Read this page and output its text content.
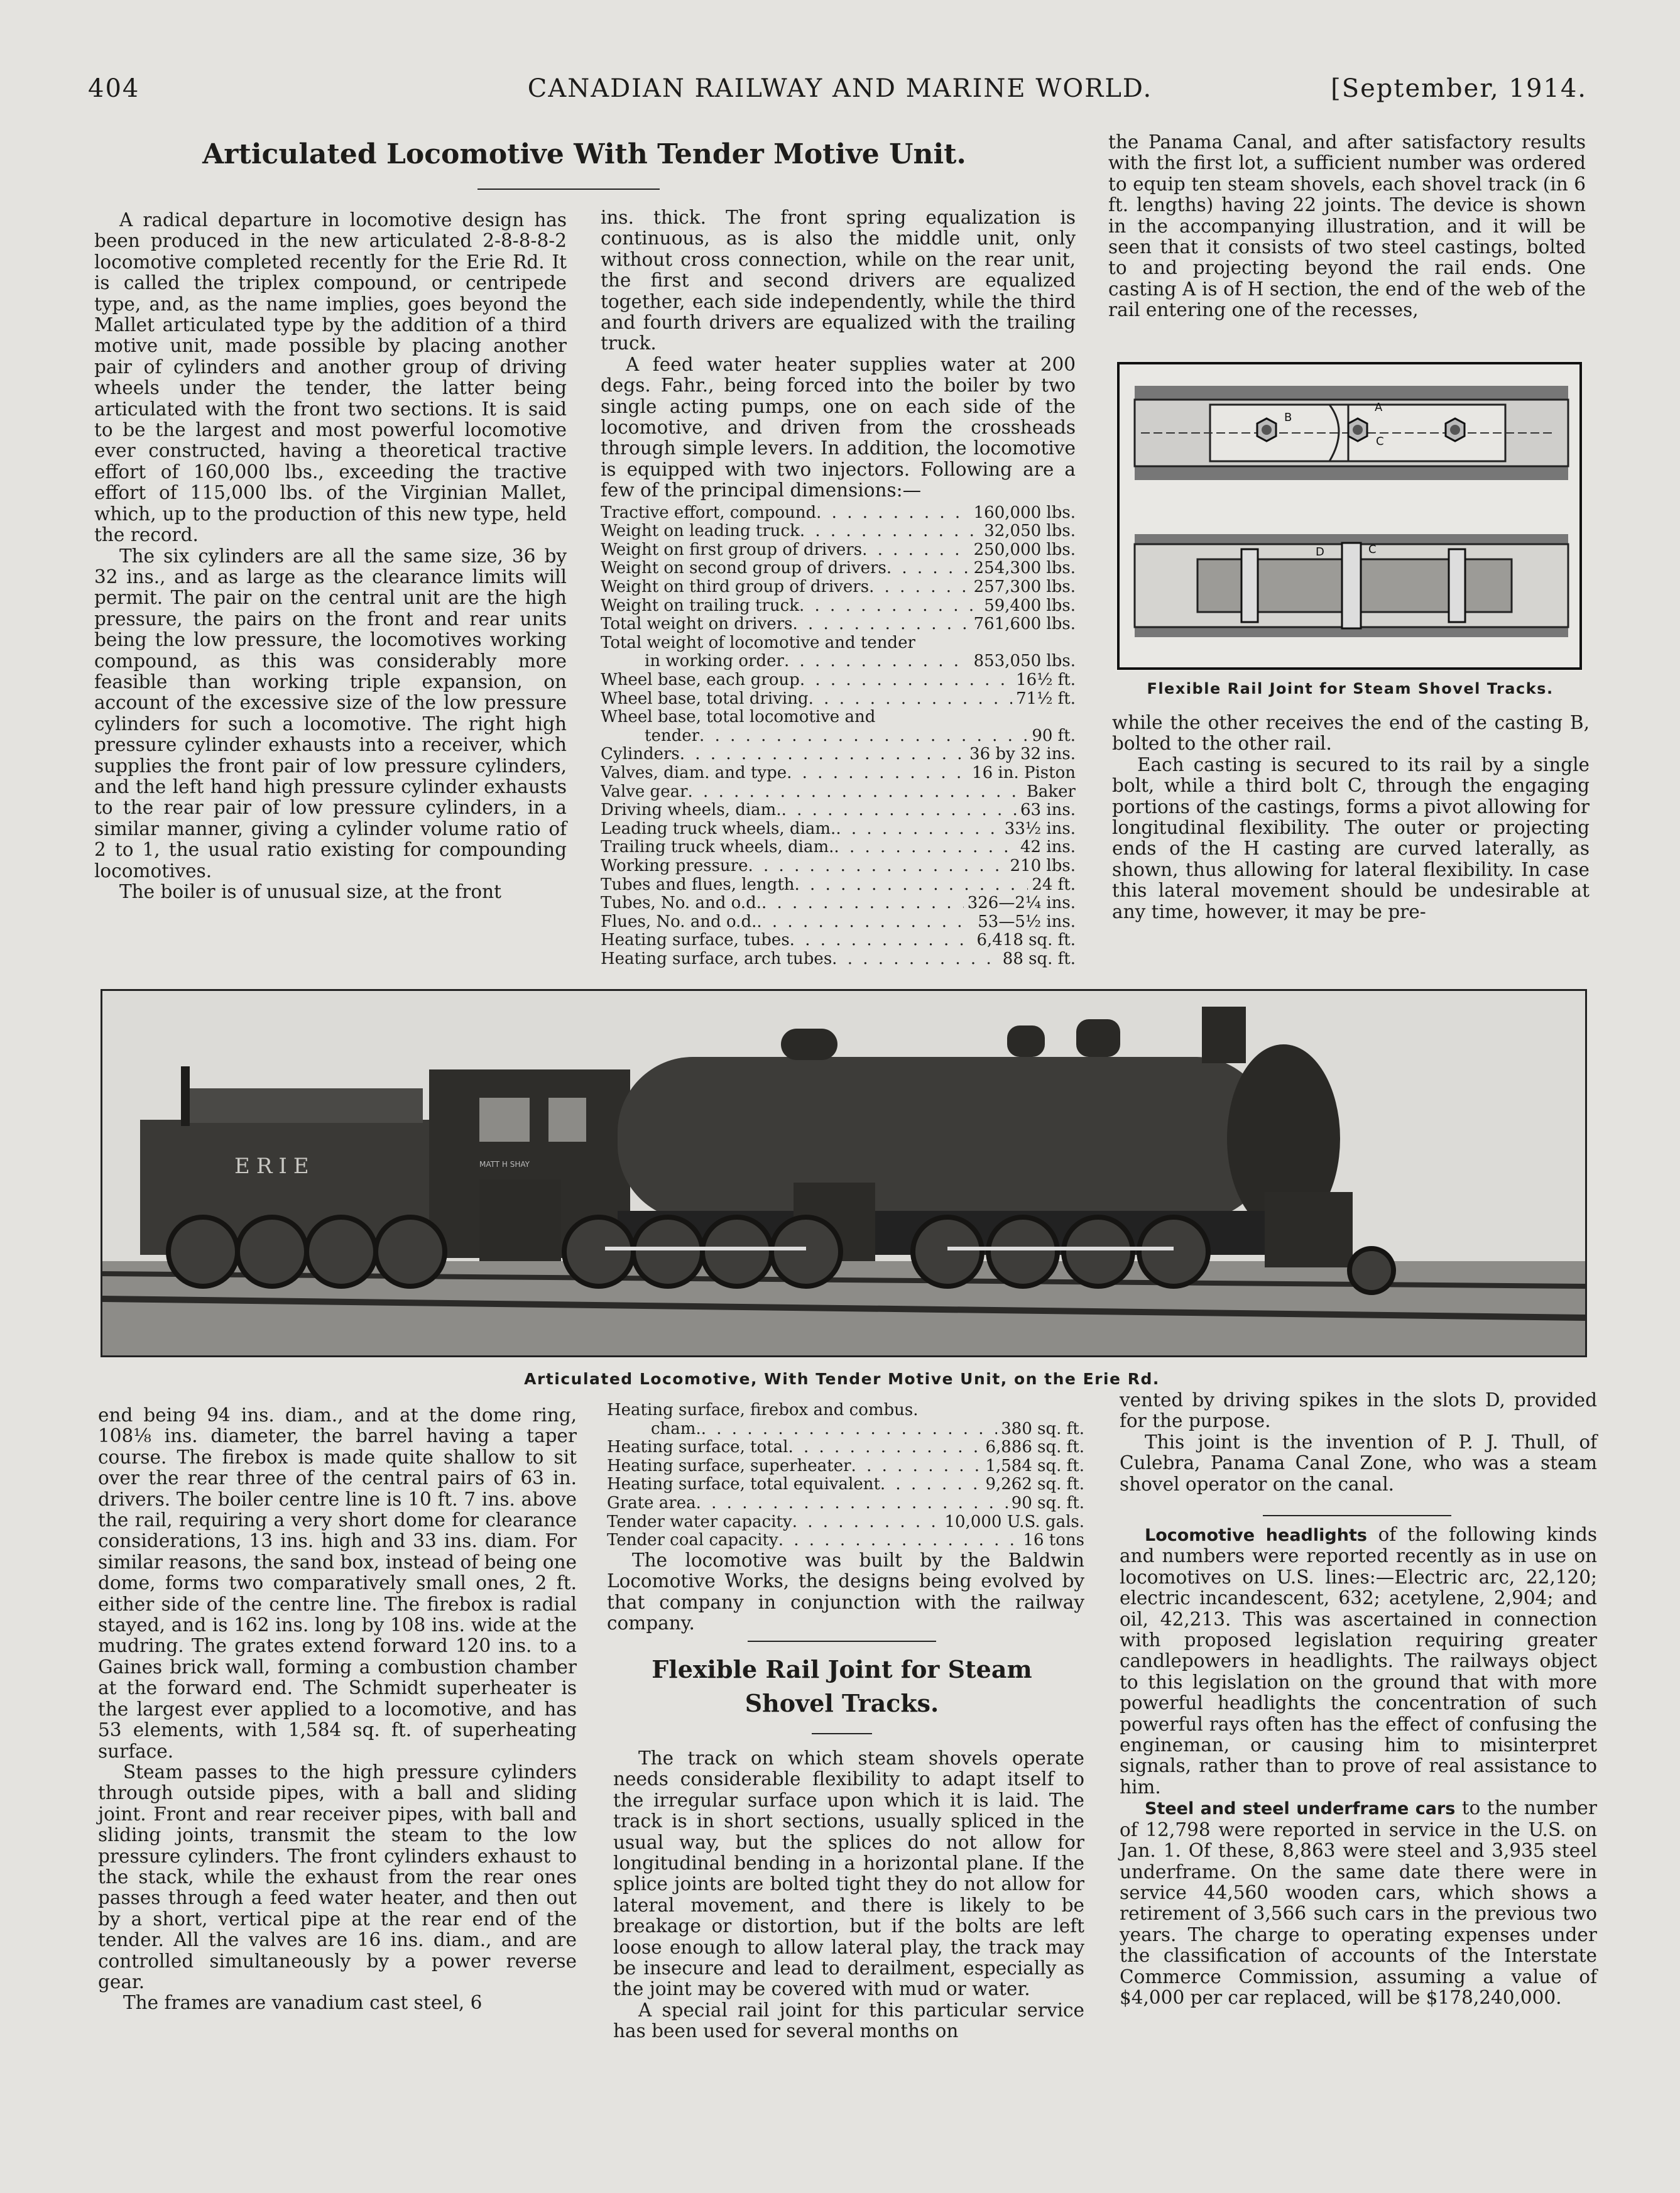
404	CANADIAN RAILWAY AND MARINE WORLD.	[September, 1914.
Articulated Locomotive With Tender Motive Unit.

A radical departure in locomotive design has been produced in the new articulated 2-8-8-8-2 locomotive completed recently for the Erie Rd. It is called the triplex compound, or centripede type, and, as the name implies, goes beyond the Mallet articulated type by the addition of a third motive unit, made possible by placing another pair of cylinders and another group of driving wheels under the tender, the latter being articulated with the front two sections. It is said to be the largest and most powerful locomotive ever constructed, having a theoretical tractive effort of 160,000 lbs., exceeding the tractive effort of 115,000 lbs. of the Virginian Mallet, which, up to the production of this new type, held the record.

The six cylinders are all the same size, 36 by 32 ins., and as large as the clearance limits will permit. The pair on the central unit are the high pressure, the pairs on the front and rear units being the low pressure, the locomotives working compound, as this was considerably more feasible than working triple expansion, on account of the excessive size of the low pressure cylinders for such a locomotive. The right high pressure cylinder exhausts into a receiver, which supplies the front pair of low pressure cylinders, and the left hand high pressure cylinder exhausts to the rear pair of low pressure cylinders, in a similar manner, giving a cylinder volume ratio of 2 to 1, the usual ratio existing for compounding locomotives.

The boiler is of unusual size, at the front

ins. thick. The front spring equalization is continuous, as is also the middle unit, only without cross connection, while on the rear unit, the first and second drivers are equalized together, each side independently, while the third and fourth drivers are equalized with the trailing truck.

A feed water heater supplies water at 200 degs. Fahr., being forced into the boiler by two single acting pumps, one on each side of the locomotive, and driven from the crossheads through simple levers. In addition, the locomotive is equipped with two injectors. Following are a few of the principal dimensions:—

Tractive effort, compound . . .	160,000 lbs.
Weight on leading truck . . .	32,050 lbs.
Weight on first group of drivers . . .	250,000 lbs.
Weight on second group of drivers . . .	254,300 lbs.
Weight on third group of drivers . . .	257,300 lbs.
Weight on trailing truck . . .	59,400 lbs.
Total weight on drivers . . .	761,600 lbs.
Total weight of locomotive and tender
in working order . . .	853,050 lbs.
Wheel base, each group . . .	16½ ft.
Wheel base, total driving . . .	71½ ft.
Wheel base, total locomotive and
tender . . .	90 ft.
Cylinders . . .	36 by 32 ins.
Valves, diam. and type . . .	16 in. Piston
Valve gear . . .	Baker
Driving wheels, diam. . . .	63 ins.
Leading truck wheels, diam. . . .	33½ ins.
Trailing truck wheels, diam. . . .	42 ins.
Working pressure . . .	210 lbs.
Tubes and flues, length . . .	24 ft.
Tubes, No. and o.d. . . .	326—2¼ ins.
Flues, No. and o.d. . . .	53—5½ ins.
Heating surface, tubes . . .	6,418 sq. ft.
Heating surface, arch tubes . . .	88 sq. ft.

the Panama Canal, and after satisfactory results with the first lot, a sufficient number was ordered to equip ten steam shovels, each shovel track (in 6 ft. lengths) having 22 joints. The device is shown in the accompanying illustration, and it will be seen that it consists of two steel castings, bolted to and projecting beyond the rail ends. One casting A is of H section, the end of the web of the rail entering one of the recesses,

B
A
C
D	C
Flexible Rail Joint for Steam Shovel Tracks.

while the other receives the end of the casting B, bolted to the other rail.

Each casting is secured to its rail by a single bolt, while a third bolt C, through the engaging portions of the castings, forms a pivot allowing for longitudinal flexibility. The outer or projecting ends of the H casting are curved laterally, as shown, thus allowing for lateral flexibility. In case this lateral movement should be undesirable at any time, however, it may be pre-

ERIE	MATT H SHAY
Articulated Locomotive, With Tender Motive Unit, on the Erie Rd.

end being 94 ins. diam., and at the dome ring, 108⅛ ins. diameter, the barrel having a taper course. The firebox is made quite shallow to sit over the rear three of the central pairs of 63 in. drivers. The boiler centre line is 10 ft. 7 ins. above the rail, requiring a very short dome for clearance considerations, 13 ins. high and 33 ins. diam. For similar reasons, the sand box, instead of being one dome, forms two comparatively small ones, 2 ft. either side of the centre line. The firebox is radial stayed, and is 162 ins. long by 108 ins. wide at the mudring. The grates extend forward 120 ins. to a Gaines brick wall, forming a combustion chamber at the forward end. The Schmidt superheater is the largest ever applied to a locomotive, and has 53 elements, with 1,584 sq. ft. of superheating surface.

Steam passes to the high pressure cylinders through outside pipes, with a ball and sliding joint. Front and rear receiver pipes, with ball and sliding joints, transmit the steam to the low pressure cylinders. The front cylinders exhaust to the stack, while the exhaust from the rear ones passes through a feed water heater, and then out by a short, vertical pipe at the rear end of the tender. All the valves are 16 ins. diam., and are controlled simultaneously by a power reverse gear.

The frames are vanadium cast steel, 6

Heating surface, firebox and combus.
cham. . . .	380 sq. ft.
Heating surface, total . . .	6,886 sq. ft.
Heating surface, superheater . . .	1,584 sq. ft.
Heating surface, total equivalent . . .	9,262 sq. ft.
Grate area . . .	90 sq. ft.
Tender water capacity . . .	10,000 U.S. gals.
Tender coal capacity . . .	16 tons

The locomotive was built by the Baldwin Locomotive Works, the designs being evolved by that company in conjunction with the railway company.

Flexible Rail Joint for Steam Shovel Tracks.

The track on which steam shovels operate needs considerable flexibility to adapt itself to the irregular surface upon which it is laid. The track is in short sections, usually spliced in the usual way, but the splices do not allow for longitudinal bending in a horizontal plane. If the splice joints are bolted tight they do not allow for lateral movement, and there is likely to be breakage or distortion, but if the bolts are left loose enough to allow lateral play, the track may be insecure and lead to derailment, especially as the joint may be covered with mud or water.

A special rail joint for this particular service has been used for several months on

vented by driving spikes in the slots D, provided for the purpose.

This joint is the invention of P. J. Thull, of Culebra, Panama Canal Zone, who was a steam shovel operator on the canal.

Locomotive headlights of the following kinds and numbers were reported recently as in use on locomotives on U.S. lines:—Electric arc, 22,120; electric incandescent, 632; acetylene, 2,904; and oil, 42,213. This was ascertained in connection with proposed legislation requiring greater candlepowers in headlights. The railways object to this legislation on the ground that with more powerful headlights the concentration of such powerful rays often has the effect of confusing the engineman, or causing him to misinterpret signals, rather than to prove of real assistance to him.

Steel and steel underframe cars to the number of 12,798 were reported in service in the U.S. on Jan. 1. Of these, 8,863 were steel and 3,935 steel underframe. On the same date there were in service 44,560 wooden cars, which shows a retirement of 3,566 such cars in the previous two years. The charge to operating expenses under the classification of accounts of the Interstate Commerce Commission, assuming a value of $4,000 per car replaced, will be $178,240,000.
